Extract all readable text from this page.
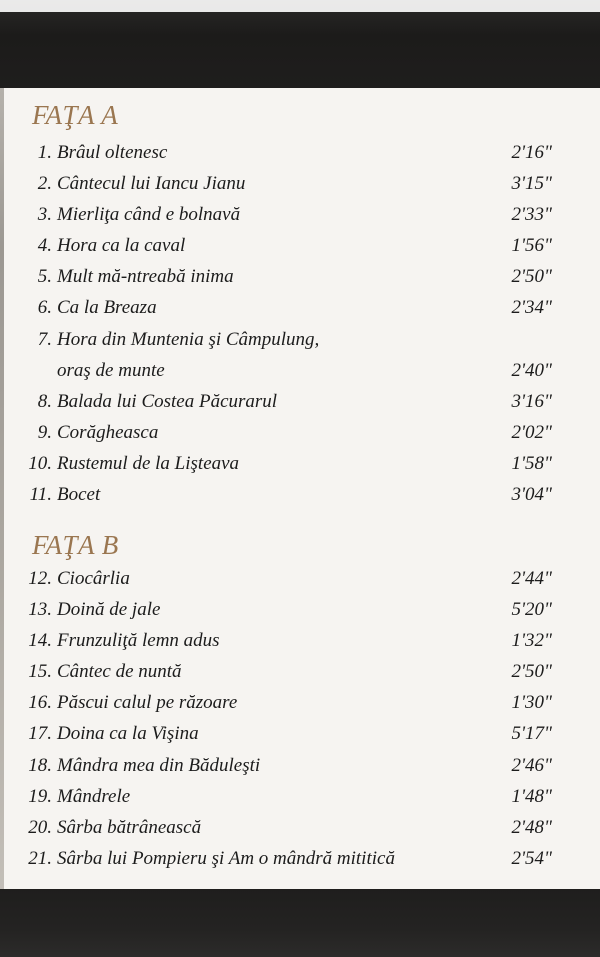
FAŢA A
1. Brâul oltenesc	2'16"
2. Cântecul lui Iancu Jianu	3'15"
3. Mierliţa când e bolnavă	2'33"
4. Hora ca la caval	1'56"
5. Mult mă-ntreabă inima	2'50"
6. Ca la Breaza	2'34"
7. Hora din Muntenia şi Câmpulung,
oraş de munte	2'40"
8. Balada lui Costea Păcurarul	3'16"
9. Corăgheasca	2'02"
10. Rustemul de la Lişteava	1'58"
11. Bocet	3'04"
FAŢA B
12. Ciocârlia	2'44"
13. Doină de jale	5'20"
14. Frunzuliţă lemn adus	1'32"
15. Cântec de nuntă	2'50"
16. Păscui calul pe răzoare	1'30"
17. Doina ca la Vişina	5'17"
18. Mândra mea din Băduleşti	2'46"
19. Mândrele	1'48"
20. Sârba bătrânească	2'48"
21. Sârba lui Pompieru şi Am o mândră mititică	2'54"
